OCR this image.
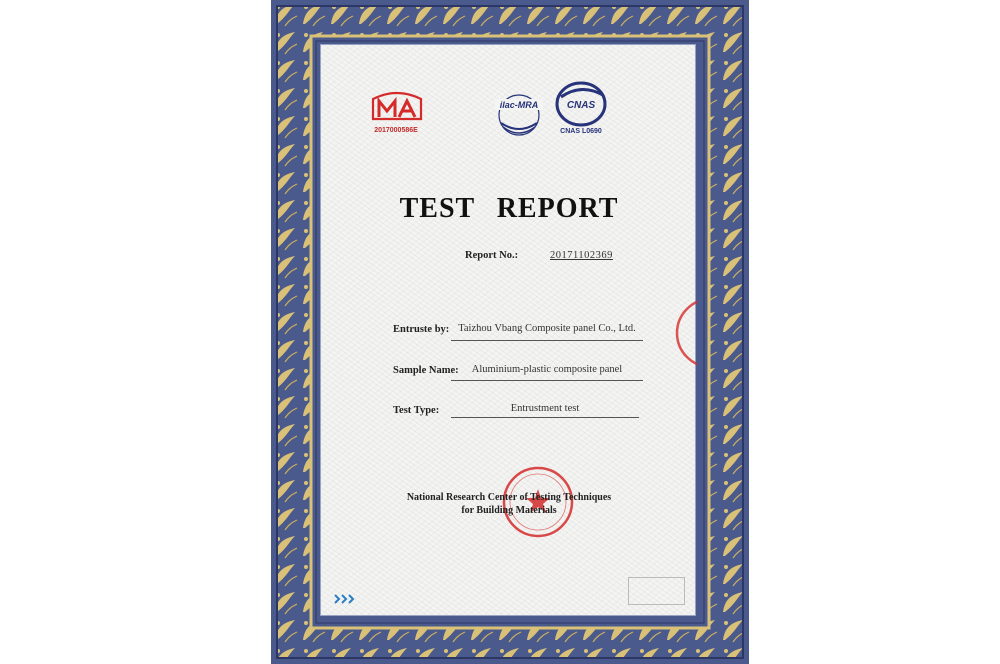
2017000586E
ilac-MRA	CNAS
CNAS L0690
TEST REPORT
Report No.:	20171102369
Entruste by: Taizhou Vbang Composite panel Co., Ltd.
Sample Name:	Aluminium-plastic composite panel
Test Type:	Entrustment test
National Research Center of Testing Techniques
for Building Materials
